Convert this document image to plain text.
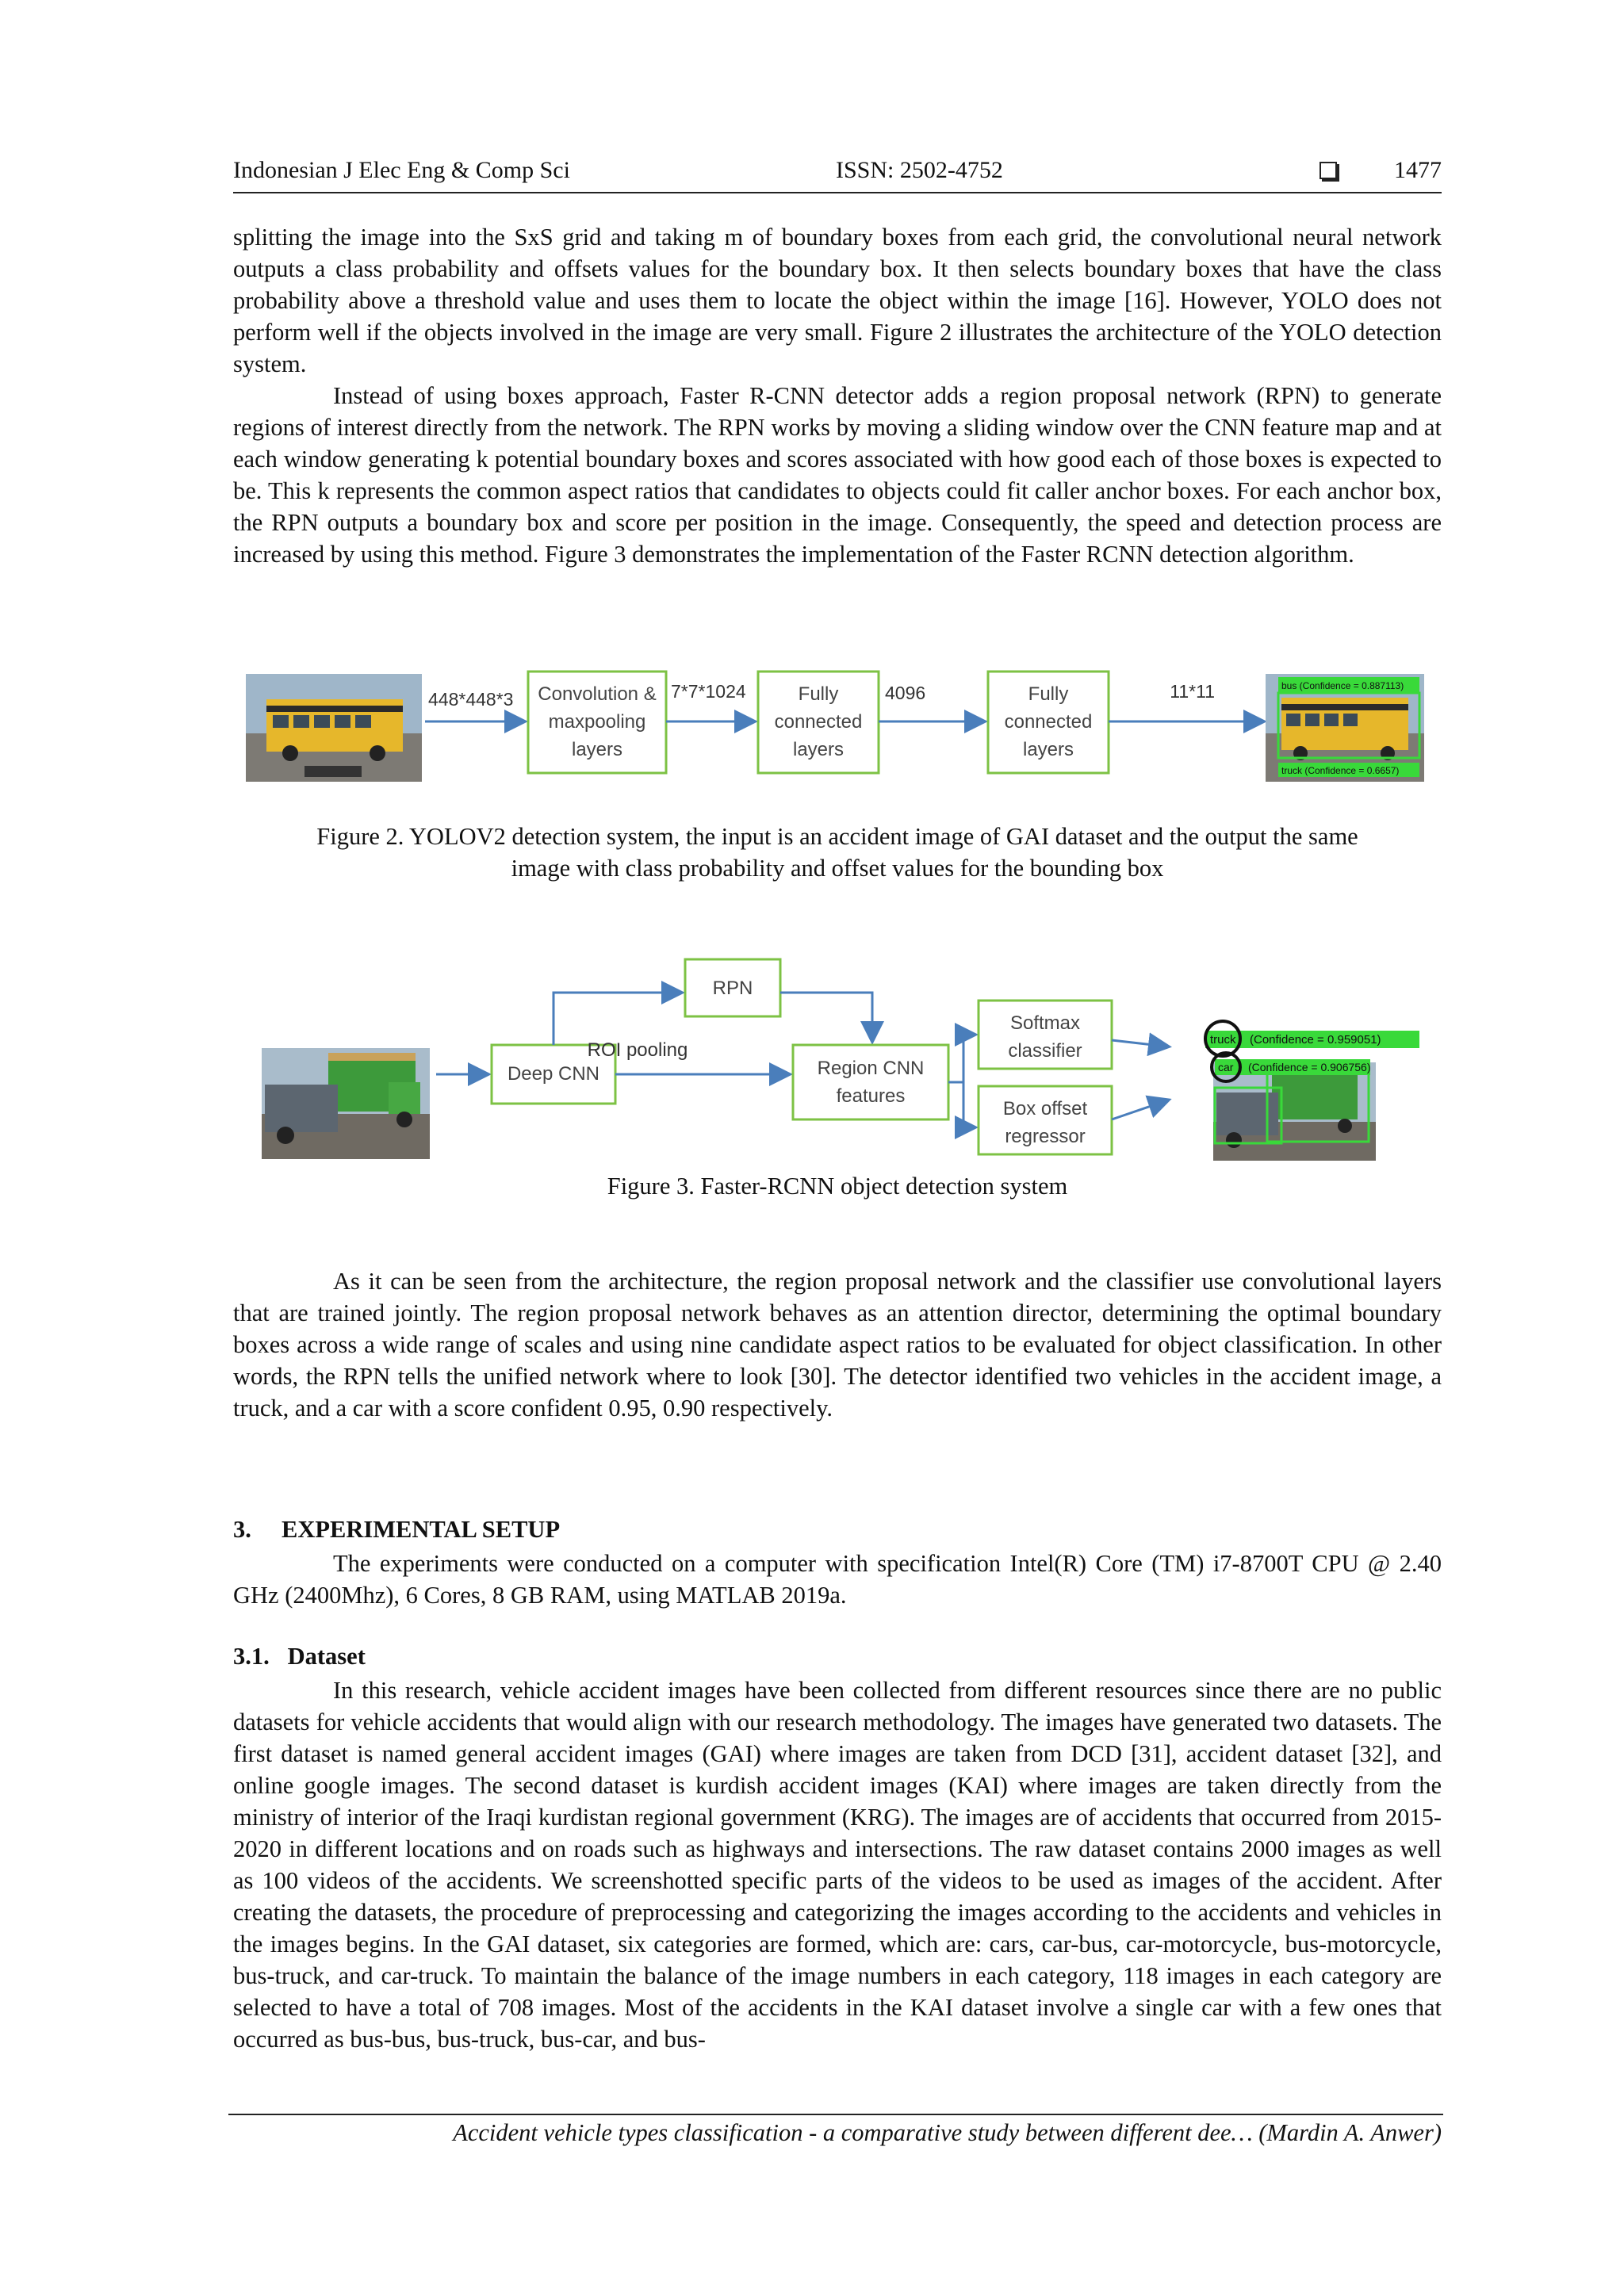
Indonesian J Elec Eng & Comp Sci	ISSN: 2502-4752	1477

splitting the image into the SxS grid and taking m of boundary boxes from each grid, the convolutional neural network outputs a class probability and offsets values for the boundary box. It then selects boundary boxes that have the class probability above a threshold value and uses them to locate the object within the image [16]. However, YOLO does not perform well if the objects involved in the image are very small. Figure 2 illustrates the architecture of the YOLO detection system.

Instead of using boxes approach, Faster R-CNN detector adds a region proposal network (RPN) to generate regions of interest directly from the network. The RPN works by moving a sliding window over the CNN feature map and at each window generating k potential boundary boxes and scores associated with how good each of those boxes is expected to be. This k represents the common aspect ratios that candidates to objects could fit caller anchor boxes. For each anchor box, the RPN outputs a boundary box and score per position in the image. Consequently, the speed and detection process are increased by using this method. Figure 3 demonstrates the implementation of the Faster RCNN detection algorithm.

448*448*3 Convolution &
maxpooling
layers
7*7*1024	Fully
connected
layers
4096	Fully
connected
layers
11*11	bus (Confidence = 0.887113)
truck (Confidence = 0.6657)

Figure 2. YOLOV2 detection system, the input is an accident image of GAI dataset and the output the same
image with class probability and offset values for the bounding box

Deep CNN
RPN
ROI pooling
Region CNN
features
Softmax
classifier
Box offset
regressor
(Confidence = 0.906756)
car
(Confidence = 0.959051)
truck

Figure 3. Faster-RCNN object detection system

As it can be seen from the architecture, the region proposal network and the classifier use convolutional layers that are trained jointly. The region proposal network behaves as an attention director, determining the optimal boundary boxes across a wide range of scales and using nine candidate aspect ratios to be evaluated for object classification. In other words, the RPN tells the unified network where to look [30]. The detector identified two vehicles in the accident image, a truck, and a car with a score confident 0.95, 0.90 respectively.

3.     EXPERIMENTAL SETUP

The experiments were conducted on a computer with specification Intel(R) Core (TM) i7-8700T CPU @ 2.40 GHz (2400Mhz), 6 Cores, 8 GB RAM, using MATLAB 2019a.

3.1.   Dataset

In this research, vehicle accident images have been collected from different resources since there are no public datasets for vehicle accidents that would align with our research methodology. The images have generated two datasets. The first dataset is named general accident images (GAI) where images are taken from DCD [31], accident dataset [32], and online google images. The second dataset is kurdish accident images (KAI) where images are taken directly from the ministry of interior of the Iraqi kurdistan regional government (KRG). The images are of accidents that occurred from 2015-2020 in different locations and on roads such as highways and intersections. The raw dataset contains 2000 images as well as 100 videos of the accidents. We screenshotted specific parts of the videos to be used as images of the accident. After creating the datasets, the procedure of preprocessing and categorizing the images according to the accidents and vehicles in the images begins. In the GAI dataset, six categories are formed, which are: cars, car-bus, car-motorcycle, bus-motorcycle, bus-truck, and car-truck. To maintain the balance of the image numbers in each category, 118 images in each category are selected to have a total of 708 images. Most of the accidents in the KAI dataset involve a single car with a few ones that occurred as bus-bus, bus-truck, bus-car, and bus-

Accident vehicle types classification - a comparative study between different dee… (Mardin A. Anwer)
